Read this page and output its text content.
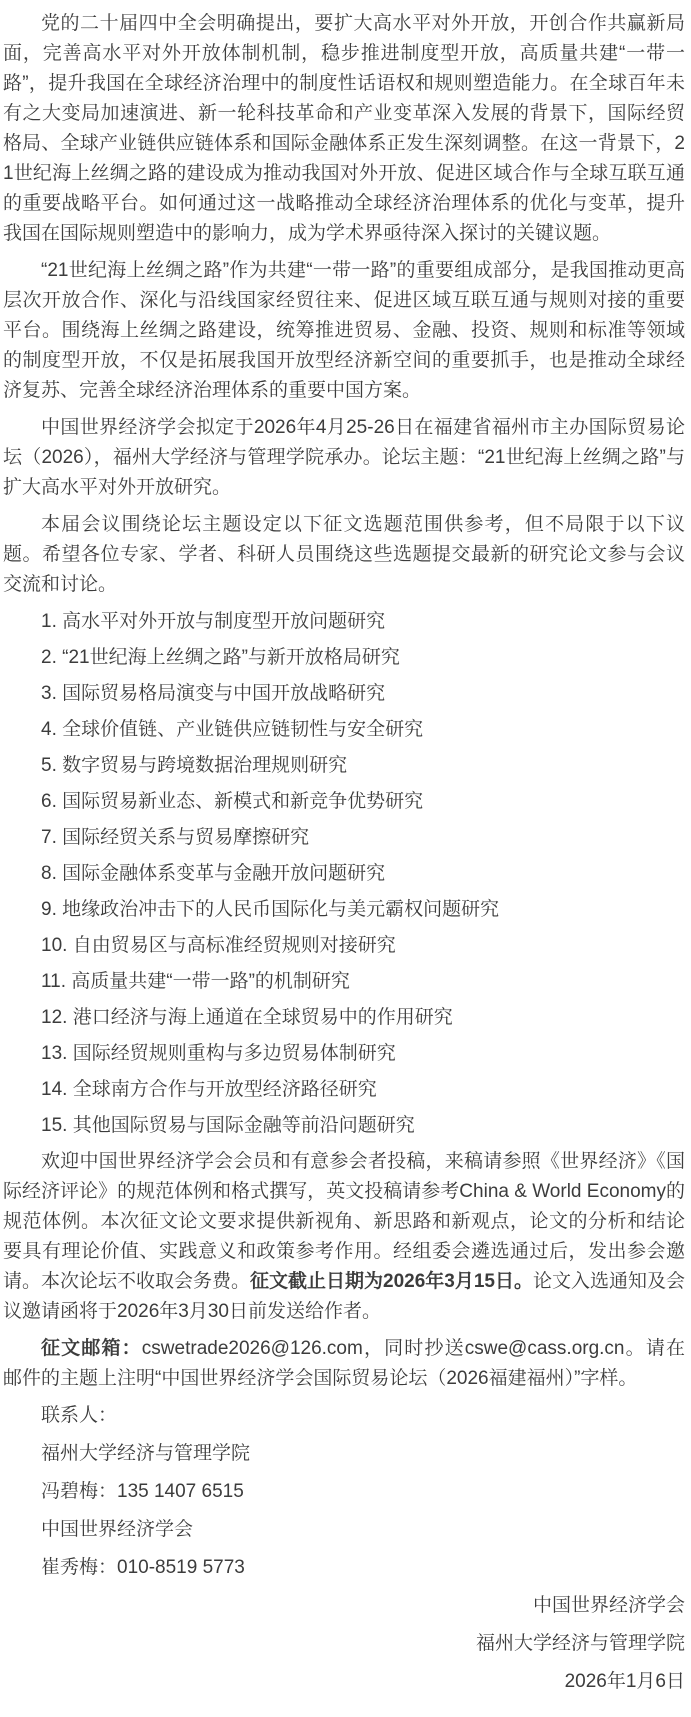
党的二十届四中全会明确提出，要扩大高水平对外开放，开创合作共赢新局面，完善高水平对外开放体制机制，稳步推进制度型开放，高质量共建“一带一路”，提升我国在全球经济治理中的制度性话语权和规则塑造能力。在全球百年未有之大变局加速演进、新一轮科技革命和产业变革深入发展的背景下，国际经贸格局、全球产业链供应链体系和国际金融体系正发生深刻调整。在这一背景下，21世纪海上丝绸之路的建设成为推动我国对外开放、促进区域合作与全球互联互通的重要战略平台。如何通过这一战略推动全球经济治理体系的优化与变革，提升我国在国际规则塑造中的影响力，成为学术界亟待深入探讨的关键议题。

“21世纪海上丝绸之路”作为共建“一带一路”的重要组成部分，是我国推动更高层次开放合作、深化与沿线国家经贸往来、促进区域互联互通与规则对接的重要平台。围绕海上丝绸之路建设，统筹推进贸易、金融、投资、规则和标准等领域的制度型开放，不仅是拓展我国开放型经济新空间的重要抓手，也是推动全球经济复苏、完善全球经济治理体系的重要中国方案。

中国世界经济学会拟定于2026年4月25-26日在福建省福州市主办国际贸易论坛（2026），福州大学经济与管理学院承办。论坛主题：“21世纪海上丝绸之路”与扩大高水平对外开放研究。

本届会议围绕论坛主题设定以下征文选题范围供参考，但不局限于以下议题。希望各位专家、学者、科研人员围绕这些选题提交最新的研究论文参与会议交流和讨论。

1. 高水平对外开放与制度型开放问题研究

2. “21世纪海上丝绸之路”与新开放格局研究

3. 国际贸易格局演变与中国开放战略研究

4. 全球价值链、产业链供应链韧性与安全研究

5. 数字贸易与跨境数据治理规则研究

6. 国际贸易新业态、新模式和新竞争优势研究

7. 国际经贸关系与贸易摩擦研究

8. 国际金融体系变革与金融开放问题研究

9. 地缘政治冲击下的人民币国际化与美元霸权问题研究

10. 自由贸易区与高标准经贸规则对接研究

11. 高质量共建“一带一路”的机制研究

12. 港口经济与海上通道在全球贸易中的作用研究

13. 国际经贸规则重构与多边贸易体制研究

14. 全球南方合作与开放型经济路径研究

15. 其他国际贸易与国际金融等前沿问题研究

欢迎中国世界经济学会会员和有意参会者投稿，来稿请参照《世界经济》《国际经济评论》的规范体例和格式撰写，英文投稿请参考China & World Economy的规范体例。本次征文论文要求提供新视角、新思路和新观点，论文的分析和结论要具有理论价值、实践意义和政策参考作用。经组委会遴选通过后，发出参会邀请。本次论坛不收取会务费。征文截止日期为2026年3月15日。论文入选通知及会议邀请函将于2026年3月30日前发送给作者。

征文邮箱：cswetrade2026@126.com，同时抄送cswe@cass.org.cn。请在邮件的主题上注明“中国世界经济学会国际贸易论坛（2026福建福州）”字样。

联系人：

福州大学经济与管理学院

冯碧梅：135 1407 6515

中国世界经济学会

崔秀梅：010-8519 5773

中国世界经济学会

福州大学经济与管理学院

2026年1月6日
